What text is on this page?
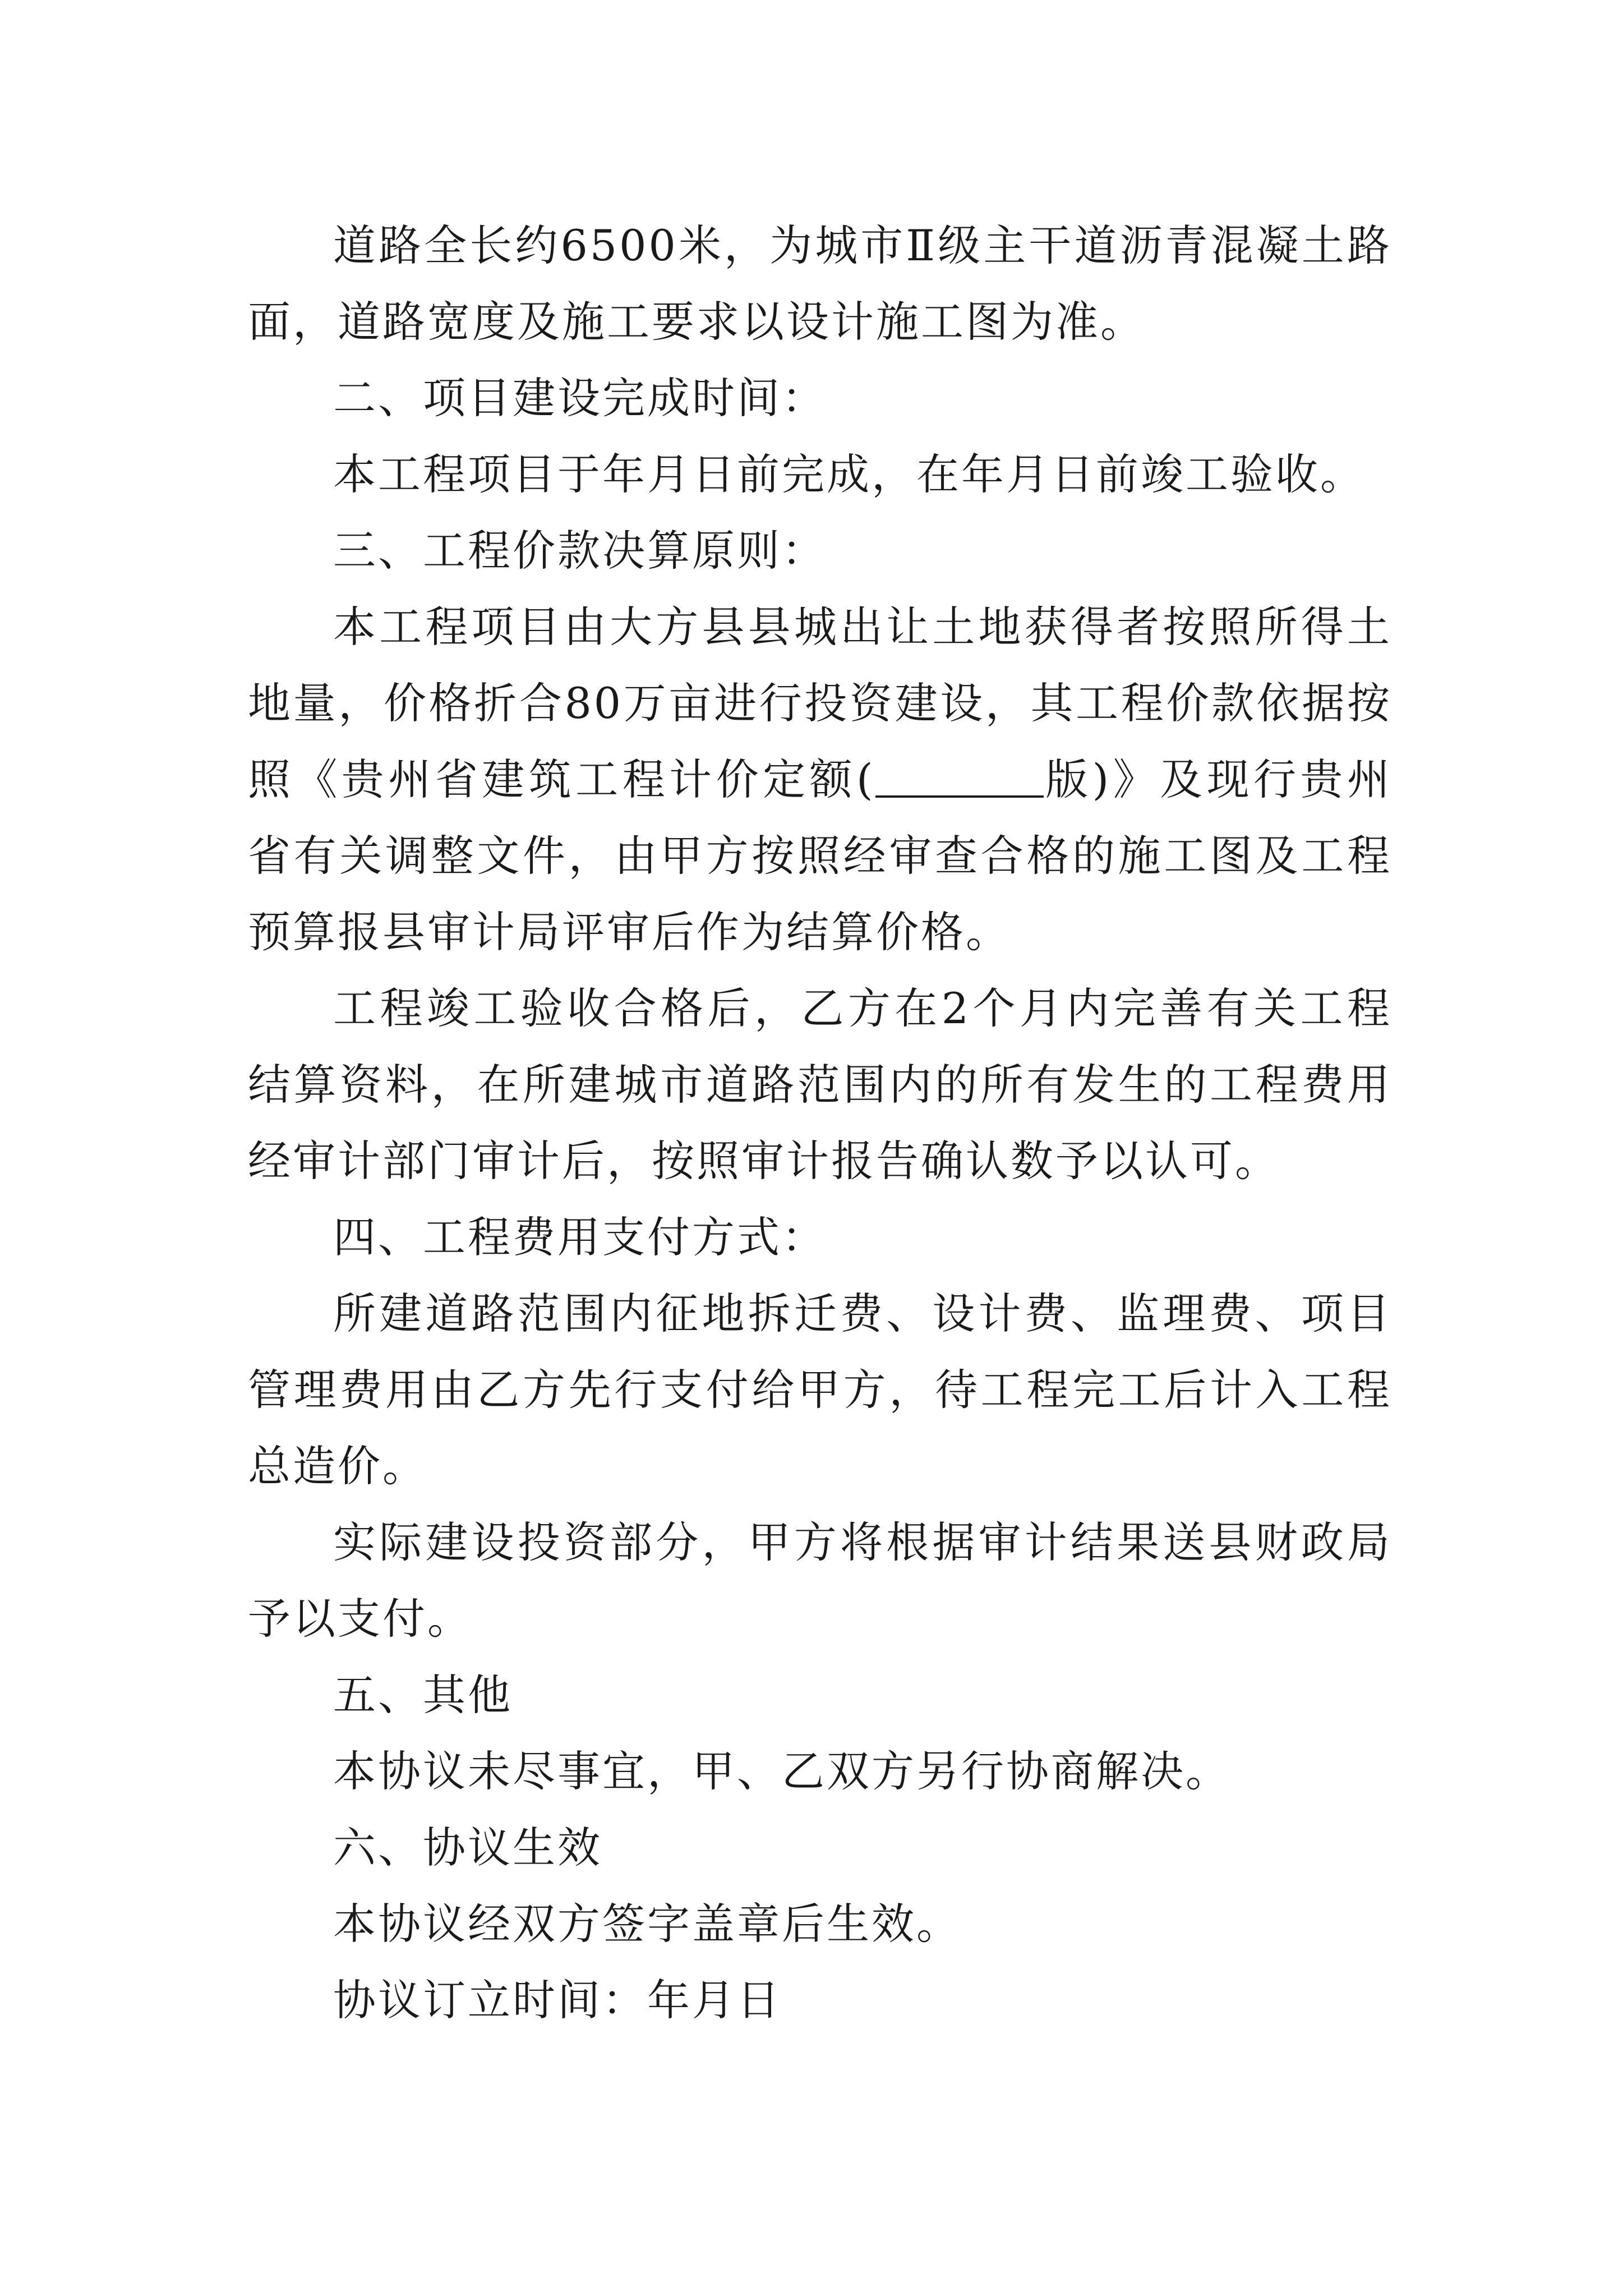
道路全长约6500米，为城市Ⅱ级主干道沥青混凝土路面，道路宽度及施工要求以设计施工图为准。

二、项目建设完成时间：

本工程项目于年月日前完成，在年月日前竣工验收。

三、工程价款决算原则：

本工程项目由大方县县城出让土地获得者按照所得土地量，价格折合80万亩进行投资建设，其工程价款依据按照《贵州省建筑工程计价定额(	版)》及现行贵州省有关调整文件，由甲方按照经审查合格的施工图及工程预算报县审计局评审后作为结算价格。

工程竣工验收合格后，乙方在2个月内完善有关工程结算资料，在所建城市道路范围内的所有发生的工程费用经审计部门审计后，按照审计报告确认数予以认可。

四、工程费用支付方式：

所建道路范围内征地拆迁费、设计费、监理费、项目管理费用由乙方先行支付给甲方，待工程完工后计入工程总造价。

实际建设投资部分，甲方将根据审计结果送县财政局予以支付。

五、其他

本协议未尽事宜，甲、乙双方另行协商解决。

六、协议生效

本协议经双方签字盖章后生效。

协议订立时间：年月日
